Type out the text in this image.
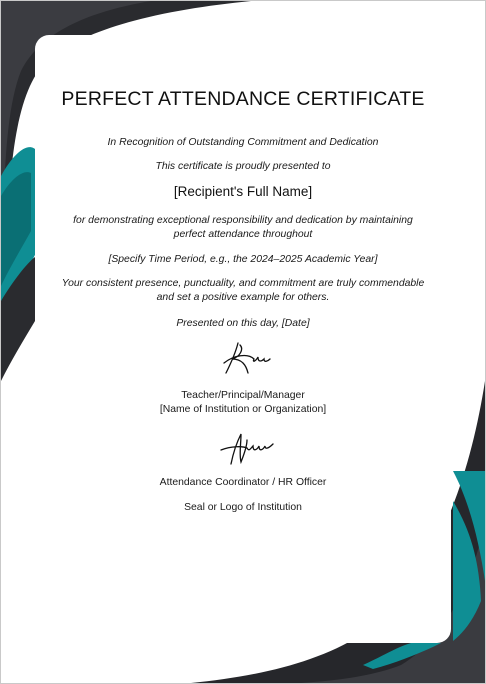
PERFECT ATTENDANCE CERTIFICATE
In Recognition of Outstanding Commitment and Dedication
This certificate is proudly presented to
[Recipient's Full Name]
for demonstrating exceptional responsibility and dedication by maintaining
perfect attendance throughout
[Specify Time Period, e.g., the 2024–2025 Academic Year]
Your consistent presence, punctuality, and commitment are truly commendable
and set a positive example for others.
Presented on this day, [Date]
Teacher/Principal/Manager
[Name of Institution or Organization]
Attendance Coordinator / HR Officer
Seal or Logo of Institution
